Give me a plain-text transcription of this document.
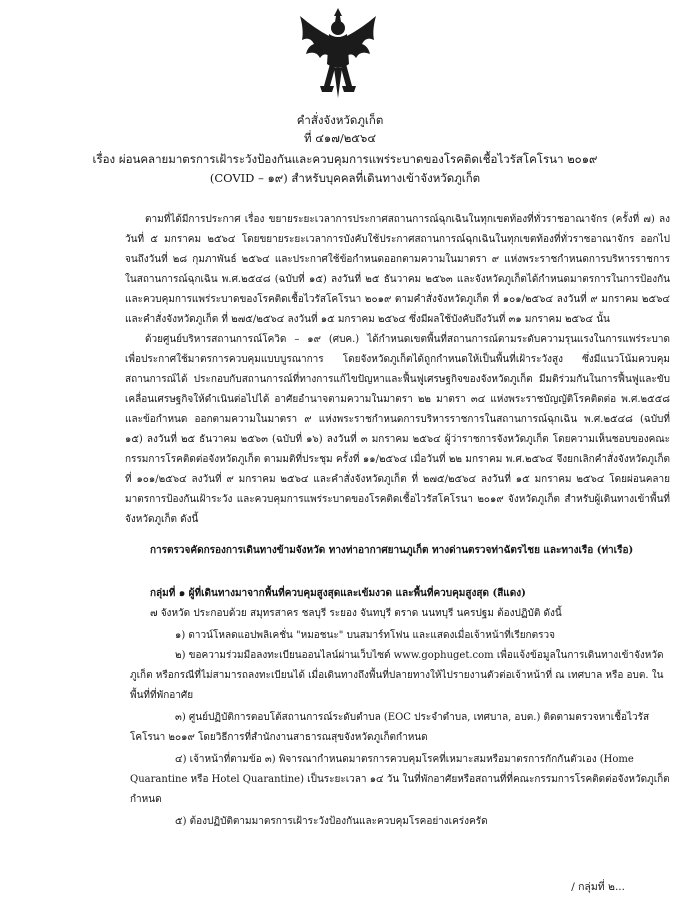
คำสั่งจังหวัดภูเก็ต
ที่ ๔๑๗/๒๕๖๔
เรื่อง ผ่อนคลายมาตรการเฝ้าระวังป้องกันและควบคุมการแพร่ระบาดของโรคติดเชื้อไวรัสโคโรนา ๒๐๑๙
(COVID – ๑๙) สำหรับบุคคลที่เดินทางเข้าจังหวัดภูเก็ต

ตามที่ได้มีการประกาศ เรื่อง ขยายระยะเวลาการประกาศสถานการณ์ฉุกเฉินในทุกเขตท้องที่ทั่วราชอาณาจักร (ครั้งที่ ๗) ลงวันที่ ๕ มกราคม ๒๕๖๔ โดยขยายระยะเวลาการบังคับใช้ประกาศสถานการณ์ฉุกเฉินในทุกเขตท้องที่ทั่วราชอาณาจักร ออกไปจนถึงวันที่ ๒๘ กุมภาพันธ์ ๒๕๖๔ และประกาศใช้ข้อกำหนดออกตามความในมาตรา ๙ แห่งพระราชกำหนดการบริหารราชการในสถานการณ์ฉุกเฉิน พ.ศ.๒๕๔๘ (ฉบับที่ ๑๕) ลงวันที่ ๒๕ ธันวาคม ๒๕๖๓ และจังหวัดภูเก็ตได้กำหนดมาตรการในการป้องกันและควบคุมการแพร่ระบาดของโรคติดเชื้อไวรัสโคโรนา ๒๐๑๙ ตามคำสั่งจังหวัดภูเก็ต ที่ ๑๐๑/๒๕๖๔ ลงวันที่ ๙ มกราคม ๒๕๖๔ และคำสั่งจังหวัดภูเก็ต ที่ ๒๗๕/๒๕๖๔ ลงวันที่ ๑๕ มกราคม ๒๕๖๔ ซึ่งมีผลใช้บังคับถึงวันที่ ๓๑ มกราคม ๒๕๖๔ นั้น
ด้วยศูนย์บริหารสถานการณ์โควิด – ๑๙ (ศบค.) ได้กำหนดเขตพื้นที่สถานการณ์ตามระดับความรุนแรงในการแพร่ระบาด เพื่อประกาศใช้มาตรการควบคุมแบบบูรณาการ โดยจังหวัดภูเก็ตได้ถูกกำหนดให้เป็นพื้นที่เฝ้าระวังสูง ซึ่งมีแนวโน้มควบคุมสถานการณ์ได้ ประกอบกับสถานการณ์ที่ทางการแก้ไขปัญหาและฟื้นฟูเศรษฐกิจของจังหวัดภูเก็ต มีมติร่วมกันในการฟื้นฟูและขับเคลื่อนเศรษฐกิจให้ดำเนินต่อไปได้ อาศัยอำนาจตามความในมาตรา ๒๒ มาตรา ๓๔ แห่งพระราชบัญญัติโรคติดต่อ พ.ศ.๒๕๕๘ และข้อกำหนด ออกตามความในมาตรา ๙ แห่งพระราชกำหนดการบริหารราชการในสถานการณ์ฉุกเฉิน พ.ศ.๒๕๔๘ (ฉบับที่ ๑๕) ลงวันที่ ๒๕ ธันวาคม ๒๕๖๓ (ฉบับที่ ๑๖) ลงวันที่ ๓ มกราคม ๒๕๖๔ ผู้ว่าราชการจังหวัดภูเก็ต โดยความเห็นชอบของคณะกรรมการโรคติดต่อจังหวัดภูเก็ต ตามมติที่ประชุม ครั้งที่ ๑๑/๒๕๖๔ เมื่อวันที่ ๒๒ มกราคม พ.ศ.๒๕๖๔ จึงยกเลิกคำสั่งจังหวัดภูเก็ต ที่ ๑๐๑/๒๕๖๔ ลงวันที่ ๙ มกราคม ๒๕๖๔ และคำสั่งจังหวัดภูเก็ต ที่ ๒๗๕/๒๕๖๔ ลงวันที่ ๑๕ มกราคม ๒๕๖๔ โดยผ่อนคลายมาตรการป้องกันเฝ้าระวัง และควบคุมการแพร่ระบาดของโรคติดเชื้อไวรัสโคโรนา ๒๐๑๙ จังหวัดภูเก็ต สำหรับผู้เดินทางเข้าพื้นที่จังหวัดภูเก็ต ดังนี้

การตรวจคัดกรองการเดินทางข้ามจังหวัด ทางท่าอากาศยานภูเก็ต ทางด่านตรวจท่าฉัตรไชย และทางเรือ (ท่าเรือ)

กลุ่มที่ ๑ ผู้ที่เดินทางมาจากพื้นที่ควบคุมสูงสุดและเข้มงวด และพื้นที่ควบคุมสูงสุด (สีแดง)
๗ จังหวัด ประกอบด้วย สมุทรสาคร ชลบุรี ระยอง จันทบุรี ตราด นนทบุรี นครปฐม ต้องปฏิบัติ ดังนี้

๑) ดาวน์โหลดแอปพลิเคชั่น "หมอชนะ" บนสมาร์ทโฟน และแสดงเมื่อเจ้าหน้าที่เรียกตรวจ

๒) ขอความร่วมมือลงทะเบียนออนไลน์ผ่านเว็บไซต์ www.gophuget.com เพื่อแจ้งข้อมูลในการเดินทางเข้าจังหวัดภูเก็ต หรือกรณีที่ไม่สามารถลงทะเบียนได้ เมื่อเดินทางถึงพื้นที่ปลายทางให้ไปรายงานตัวต่อเจ้าหน้าที่ ณ เทศบาล หรือ อบต. ในพื้นที่ที่พักอาศัย

๓) ศูนย์ปฏิบัติการตอบโต้สถานการณ์ระดับตำบล (EOC ประจำตำบล, เทศบาล, อบต.) ติดตามตรวจหาเชื้อไวรัสโคโรนา ๒๐๑๙ โดยวิธีการที่สำนักงานสาธารณสุขจังหวัดภูเก็ตกำหนด

๔) เจ้าหน้าที่ตามข้อ ๓) พิจารณากำหนดมาตรการควบคุมโรคที่เหมาะสมหรือมาตรการกักกันตัวเอง (Home Quarantine หรือ Hotel Quarantine) เป็นระยะเวลา ๑๔ วัน ในที่พักอาศัยหรือสถานที่ที่คณะกรรมการโรคติดต่อจังหวัดภูเก็ตกำหนด

๕) ต้องปฏิบัติตามมาตรการเฝ้าระวังป้องกันและควบคุมโรคอย่างเคร่งครัด

/ กลุ่มที่ ๒...
